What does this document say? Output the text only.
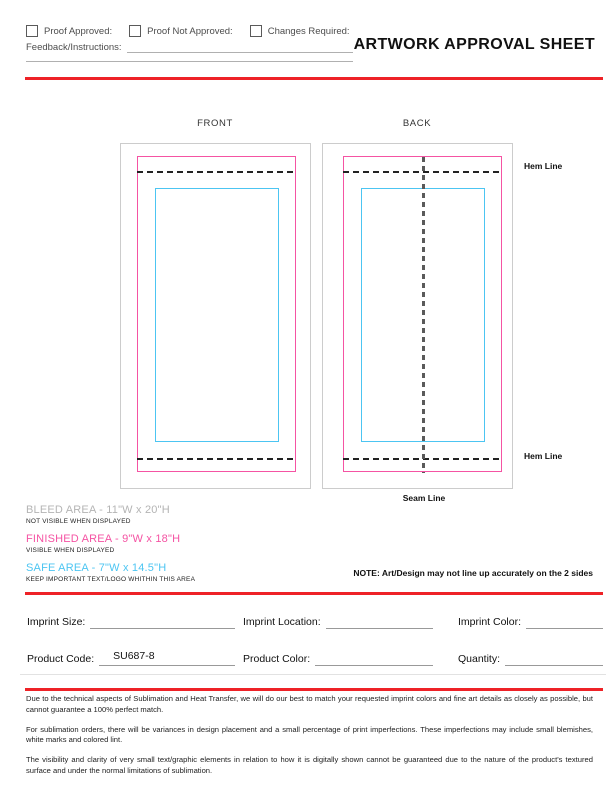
Proof Approved:	Proof Not Approved:	Changes Required:
Feedback/Instructions:	ARTWORK APPROVAL SHEET
FRONT	BACK
Hem Line
Hem Line
Seam Line
BLEED AREA - 11"W x 20"H
NOT VISIBLE WHEN DISPLAYED
FINISHED AREA - 9"W x 18"H
VISIBLE WHEN DISPLAYED
SAFE AREA - 7"W x 14.5"H
KEEP IMPORTANT TEXT/LOGO WHITHIN THIS AREA
NOTE: Art/Design may not line up accurately on the 2 sides
Imprint Size:	Imprint Location:	Imprint Color:
Product Code: SU687-8	Product Color:	Quantity:

Due to the technical aspects of Sublimation and Heat Transfer, we will do our best to match your requested imprint colors and fine art details as closely as possible, but cannot guarantee a 100% perfect match.

For sublimation orders, there will be variances in design placement and a small percentage of print imperfections. These imperfections may include small blemishes, white marks and colored lint.

The visibility and clarity of very small text/graphic elements in relation to how it is digitally shown cannot be guaranteed due to the nature of the product's textured surface and under the normal limitations of sublimation.
